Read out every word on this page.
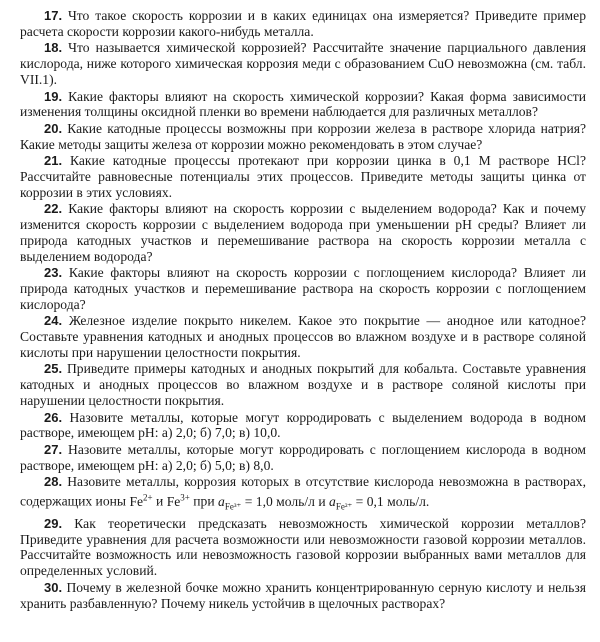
17. Что такое скорость коррозии и в каких единицах она измеряется? Приведите пример расчета скорости коррозии какого-нибудь металла.

18. Что называется химической коррозией? Рассчитайте значение парциального давления кислорода, ниже которого химическая коррозия меди с образованием CuO невозможна (см. табл. VII.1).

19. Какие факторы влияют на скорость химической коррозии? Какая форма зависимости изменения толщины оксидной пленки во времени наблюдается для различных металлов?

20. Какие катодные процессы возможны при коррозии железа в растворе хлорида натрия? Какие методы защиты железа от коррозии можно рекомендовать в этом случае?

21. Какие катодные процессы протекают при коррозии цинка в 0,1 M растворе HCl? Рассчитайте равновесные потенциалы этих процессов. Приведите методы защиты цинка от коррозии в этих условиях.

22. Какие факторы влияют на скорость коррозии с выделением водорода? Как и почему изменится скорость коррозии с выделением водорода при уменьшении pH среды? Влияет ли природа катодных участков и перемешивание раствора на скорость коррозии металла с выделением водорода?

23. Какие факторы влияют на скорость коррозии с поглощением кислорода? Влияет ли природа катодных участков и перемешивание раствора на скорость коррозии с поглощением кислорода?

24. Железное изделие покрыто никелем. Какое это покрытие — анодное или катодное? Составьте уравнения катодных и анодных процессов во влажном воздухе и в растворе соляной кислоты при нарушении целостности покрытия.

25. Приведите примеры катодных и анодных покрытий для кобальта. Составьте уравнения катодных и анодных процессов во влажном воздухе и в растворе соляной кислоты при нарушении целостности покрытия.

26. Назовите металлы, которые могут корродировать с выделением водорода в водном растворе, имеющем pH: а) 2,0; б) 7,0; в) 10,0.

27. Назовите металлы, которые могут корродировать с поглощением кислорода в водном растворе, имеющем pH: а) 2,0; б) 5,0; в) 8,0.

28. Назовите металлы, коррозия которых в отсутствие кислорода невозможна в растворах, содержащих ионы $Fe^{2+}$ и $Fe^{3+}$ при $a_{Fe^{3+}} = 1,0$ моль/л и $a_{Fe^{2+}} = 0,1$ моль/л.

29. Как теоретически предсказать невозможность химической коррозии металлов? Приведите уравнения для расчета возможности или невозможности газовой коррозии металлов. Рассчитайте возможность или невозможность газовой коррозии выбранных вами металлов для определенных условий.

30. Почему в железной бочке можно хранить концентрированную серную кислоту и нельзя хранить разбавленную? Почему никель устойчив в щелочных растворах?
